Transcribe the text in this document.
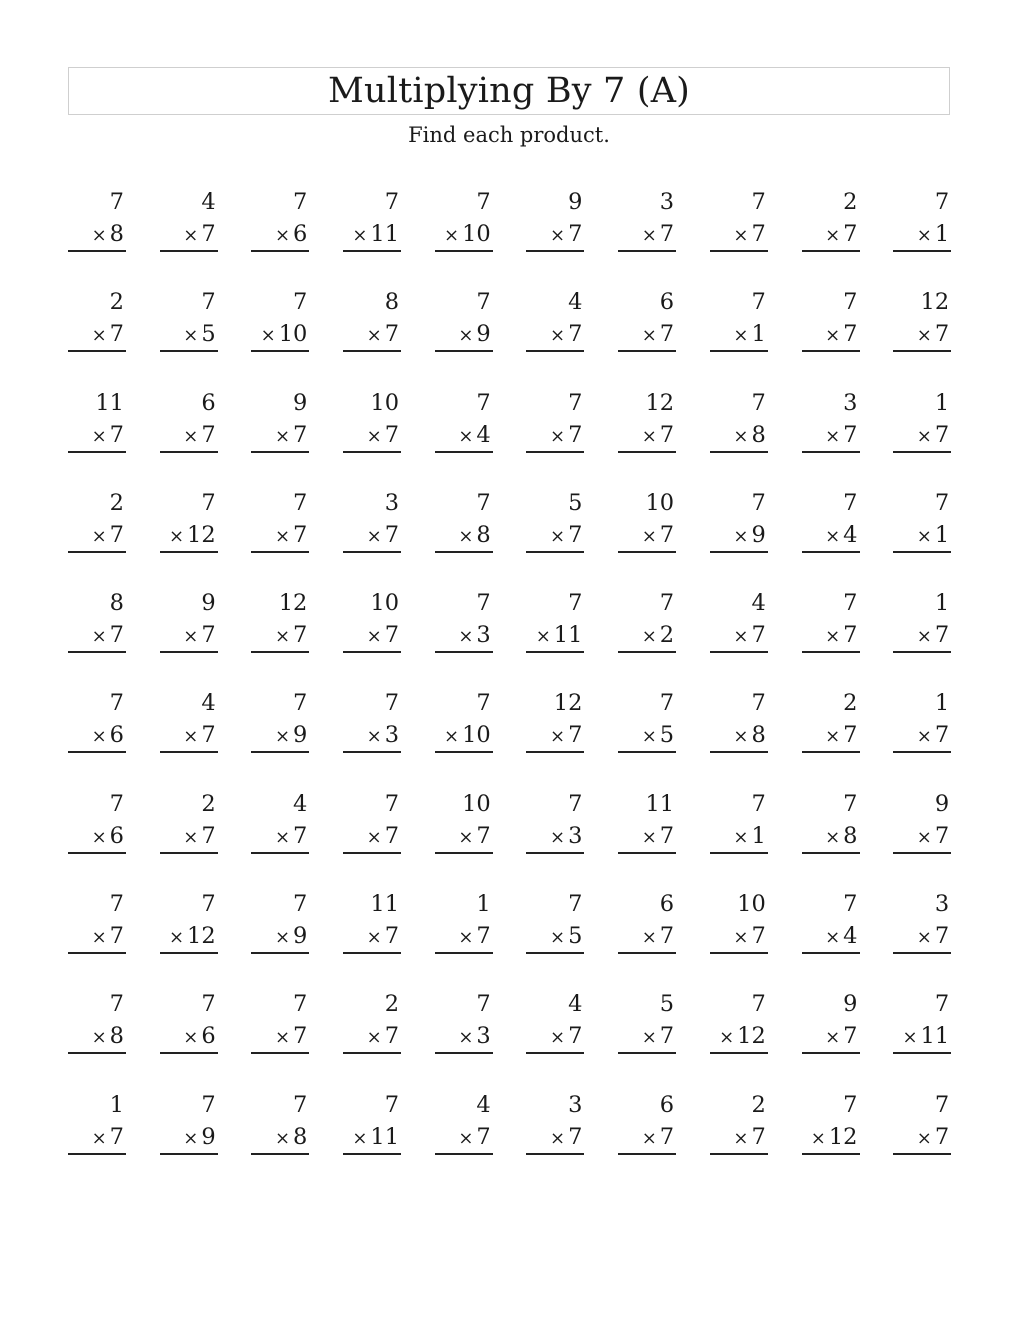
Multiplying By 7 (A)
Find each product.
7
× 8
4
× 7
7
× 6
7
× 11
7
× 10
9
× 7
3
× 7
7
× 7
2
× 7
7
× 1
2
× 7
7
× 5
7
× 10
8
× 7
7
× 9
4
× 7
6
× 7
7
× 1
7
× 7
12
× 7
11
× 7
6
× 7
9
× 7
10
× 7
7
× 4
7
× 7
12
× 7
7
× 8
3
× 7
1
× 7
2
× 7
7
× 12
7
× 7
3
× 7
7
× 8
5
× 7
10
× 7
7
× 9
7
× 4
7
× 1
8
× 7
9
× 7
12
× 7
10
× 7
7
× 3
7
× 11
7
× 2
4
× 7
7
× 7
1
× 7
7
× 6
4
× 7
7
× 9
7
× 3
7
× 10
12
× 7
7
× 5
7
× 8
2
× 7
1
× 7
7
× 6
2
× 7
4
× 7
7
× 7
10
× 7
7
× 3
11
× 7
7
× 1
7
× 8
9
× 7
7
× 7
7
× 12
7
× 9
11
× 7
1
× 7
7
× 5
6
× 7
10
× 7
7
× 4
3
× 7
7
× 8
7
× 6
7
× 7
2
× 7
7
× 3
4
× 7
5
× 7
7
× 12
9
× 7
7
× 11
1
× 7
7
× 9
7
× 8
7
× 11
4
× 7
3
× 7
6
× 7
2
× 7
7
× 12
7
× 7
